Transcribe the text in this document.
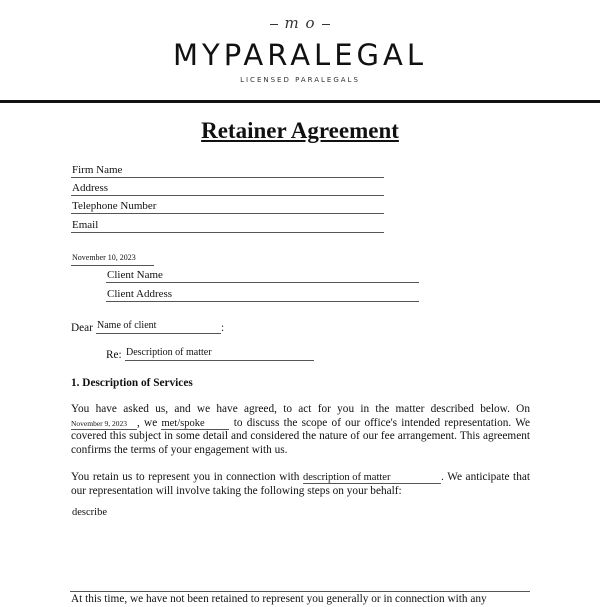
m o
MYPARALEGAL
LICENSED PARALEGALS
Retainer Agreement
Firm Name
Address
Telephone Number
Email
November 10, 2023
Client Name
Client Address
Dear Name of client	:
Re: Description of matter
1. Description of Services
You have asked us, and we have agreed, to act for you in the matter described below. On November 9, 2023 , we met/spoke to discuss the scope of our office's intended representation. We covered this subject in some detail and considered the nature of our fee arrangement. This agreement confirms the terms of your engagement with us.
You retain us to represent you in connection with description of matter	. We anticipate that our representation will involve taking the following steps on your behalf:
describe
At this time, we have not been retained to represent you generally or in connection with any
